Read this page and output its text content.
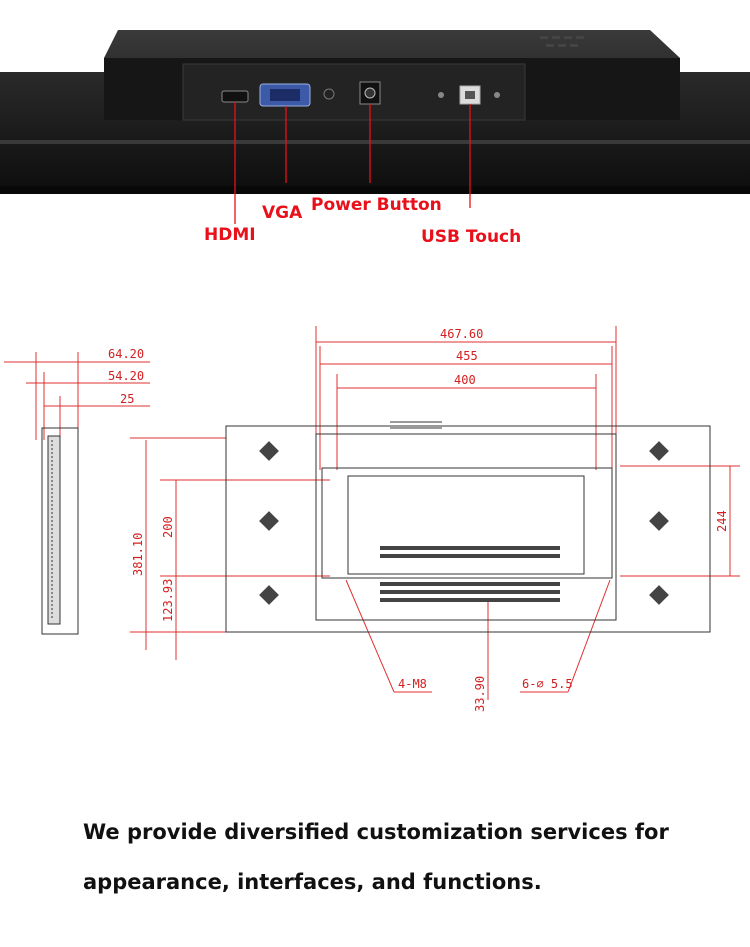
HDMI
VGA Power Button
USB Touch
467.60
455
400
64.20
54.20
25
381.10
200
123.93
244
4-M8	33.90	6-∅ 5.5
We provide diversified customization services for
appearance, interfaces, and functions.
